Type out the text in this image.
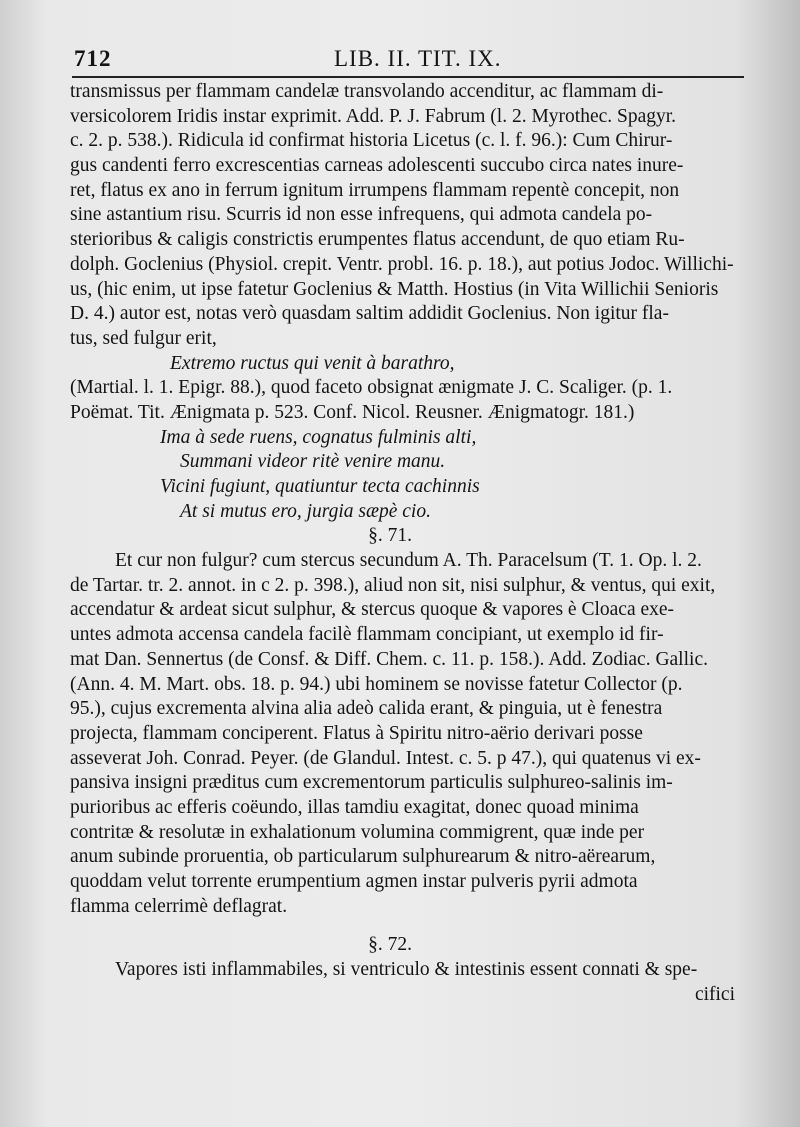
712	LIB. II. TIT. IX.
transmissus per flammam candelæ transvolando accenditur, ac flammam di-
versicolorem Iridis instar exprimit. Add. P. J. Fabrum (l. 2. Myrothec. Spagyr.
c. 2. p. 538.). Ridicula id confirmat historia Licetus (c. l. f. 96.): Cum Chirur-
gus candenti ferro excrescentias carneas adolescenti succubo circa nates inure-
ret, flatus ex ano in ferrum ignitum irrumpens flammam repentè concepit, non
sine astantium risu. Scurris id non esse infrequens, qui admota candela po-
sterioribus & caligis constrictis erumpentes flatus accendunt, de quo etiam Ru-
dolph. Goclenius (Physiol. crepit. Ventr. probl. 16. p. 18.), aut potius Jodoc. Willichi-
us, (hic enim, ut ipse fatetur Goclenius & Matth. Hostius (in Vita Willichii Senioris
D. 4.) autor est, notas verò quasdam saltim addidit Goclenius. Non igitur fla-
tus, sed fulgur erit,
Extremo ructus qui venit à barathro,
(Martial. l. 1. Epigr. 88.), quod faceto obsignat ænigmate J. C. Scaliger. (p. 1.
Poëmat. Tit. Ænigmata p. 523. Conf. Nicol. Reusner. Ænigmatogr. 181.)
Ima à sede ruens, cognatus fulminis alti,
Summani videor ritè venire manu.
Vicini fugiunt, quatiuntur tecta cachinnis
At si mutus ero, jurgia sæpè cio.
§. 71.
Et cur non fulgur? cum stercus secundum A. Th. Paracelsum (T. 1. Op. l. 2.
de Tartar. tr. 2. annot. in c 2. p. 398.), aliud non sit, nisi sulphur, & ventus, qui exit,
accendatur & ardeat sicut sulphur, & stercus quoque & vapores è Cloaca exe-
untes admota accensa candela facilè flammam concipiant, ut exemplo id fir-
mat Dan. Sennertus (de Consf. & Diff. Chem. c. 11. p. 158.). Add. Zodiac. Gallic.
(Ann. 4. M. Mart. obs. 18. p. 94.) ubi hominem se novisse fatetur Collector (p.
95.), cujus excrementa alvina alia adeò calida erant, & pinguia, ut è fenestra
projecta, flammam conciperent. Flatus à Spiritu nitro-aërio derivari posse
asseverat Joh. Conrad. Peyer. (de Glandul. Intest. c. 5. p 47.), qui quatenus vi ex-
pansiva insigni præditus cum excrementorum particulis sulphureo-salinis im-
purioribus ac efferis coëundo, illas tamdiu exagitat, donec quoad minima
contritæ & resolutæ in exhalationum volumina commigrent, quæ inde per
anum subinde proruentia, ob particularum sulphurearum & nitro-aërearum,
quoddam velut torrente erumpentium agmen instar pulveris pyrii admota
flamma celerrimè deflagrat.
§. 72.
Vapores isti inflammabiles, si ventriculo & intestinis essent connati & spe-
cifici
